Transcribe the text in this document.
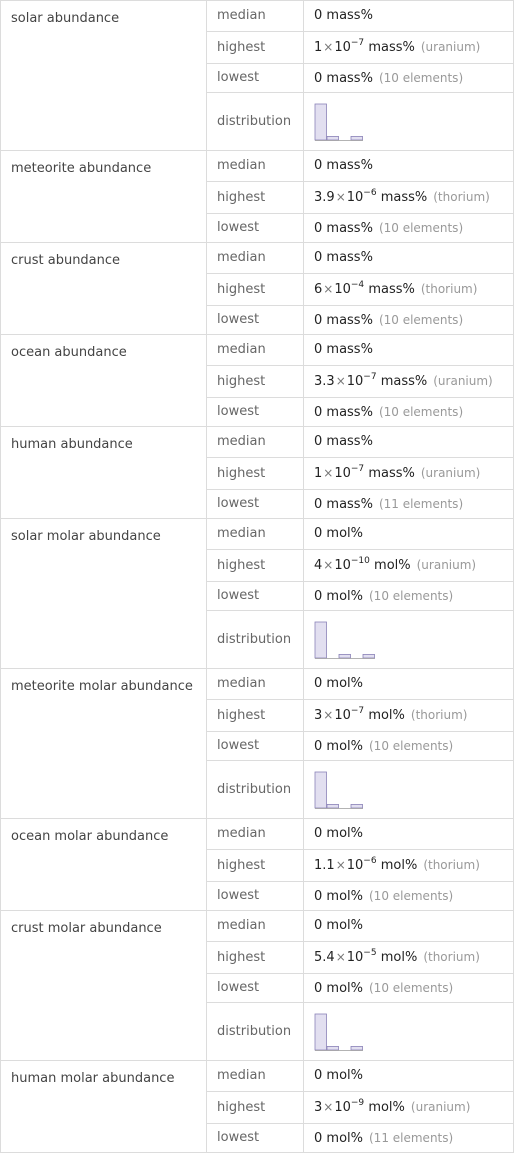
solar abundance	median	0 mass%
	highest	$1\times 10^{-7}$ mass% (uranium)
	lowest	0 mass% (10 elements)
	distribution	

meteorite abundance	median	0 mass%
	highest	$3.9\times 10^{-6}$ mass% (thorium)
	lowest	0 mass% (10 elements)
crust abundance	median	0 mass%
	highest	$6\times 10^{-4}$ mass% (thorium)
	lowest	0 mass% (10 elements)
ocean abundance	median	0 mass%
	highest	$3.3\times 10^{-7}$ mass% (uranium)
	lowest	0 mass% (10 elements)
human abundance	median	0 mass%
	highest	$1\times 10^{-7}$ mass% (uranium)
	lowest	0 mass% (11 elements)
solar molar abundance	median	0 mol%
	highest	$4\times 10^{-10}$ mol% (uranium)
	lowest	0 mol% (10 elements)
	distribution	

meteorite molar abundance	median	0 mol%
	highest	$3\times 10^{-7}$ mol% (thorium)
	lowest	0 mol% (10 elements)
	distribution	

ocean molar abundance	median	0 mol%
	highest	$1.1\times 10^{-6}$ mol% (thorium)
	lowest	0 mol% (10 elements)
crust molar abundance	median	0 mol%
	highest	$5.4\times 10^{-5}$ mol% (thorium)
	lowest	0 mol% (10 elements)
	distribution	

human molar abundance	median	0 mol%
	highest	$3\times 10^{-9}$ mol% (uranium)
	lowest	0 mol% (11 elements)
